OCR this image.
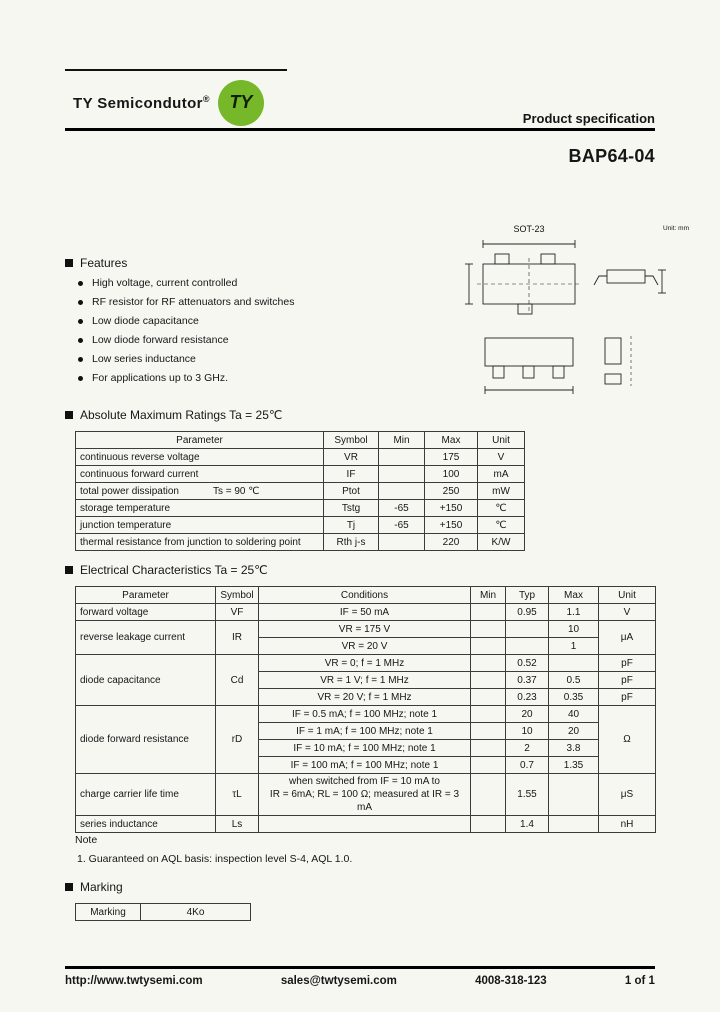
TY Semicondutor® TY
Product specification
BAP64-04
SOT-23	Unit: mm
Features
High voltage, current controlled
RF resistor for RF attenuators and switches
Low diode capacitance
Low diode forward resistance
Low series inductance
For applications up to 3 GHz.
Absolute Maximum Ratings Ta = 25℃
Parameter	Symbol	Min	Max	Unit
continuous reverse voltage	VR		175	V
continuous forward current	IF		100	mA
total power dissipation Ts = 90 ℃	Ptot		250	mW
storage temperature	Tstg	-65	+150	℃
junction temperature	Tj	-65	+150	℃
thermal resistance from junction to soldering point	Rth j-s		220	K/W
Electrical Characteristics Ta = 25℃
Parameter	Symbol	Conditions	Min	Typ	Max	Unit
forward voltage	VF	IF = 50 mA		0.95	1.1	V
reverse leakage current	IR	VR = 175 V			10	μA
		VR = 20 V			1	
diode capacitance	Cd	VR = 0; f = 1 MHz		0.52		pF
		VR = 1 V; f = 1 MHz		0.37	0.5	pF
		VR = 20 V; f = 1 MHz		0.23	0.35	pF
diode forward resistance	rD	IF = 0.5 mA; f = 100 MHz; note 1		20	40	Ω
		IF = 1 mA; f = 100 MHz; note 1		10	20	
		IF = 10 mA; f = 100 MHz; note 1		2	3.8	
		IF = 100 mA; f = 100 MHz; note 1		0.7	1.35	
charge carrier life time	τL	when switched from IF = 10 mA to
IR = 6mA; RL = 100 Ω; measured at IR = 3 mA		1.55		μS
series inductance	Ls			1.4		nH
Note
1. Guaranteed on AQL basis: inspection level S-4, AQL 1.0.
Marking
Marking	4Ko
http://www.twtysemi.com	sales@twtysemi.com	4008-318-123	1 of 1
